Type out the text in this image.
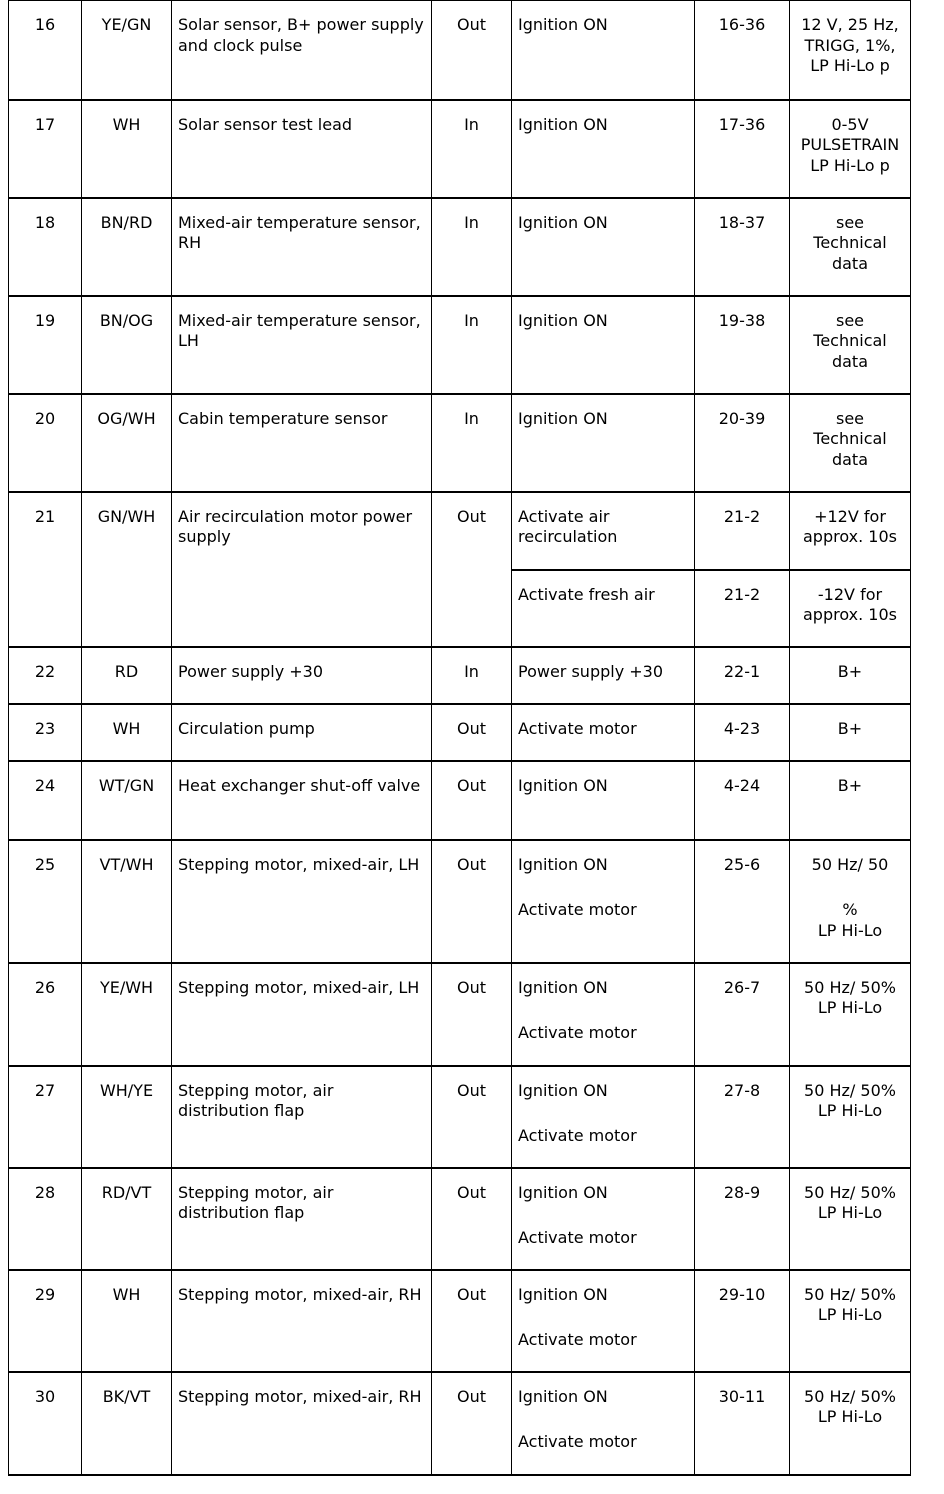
16	YE/GN	Solar sensor, B+ power supply and clock pulse	Out	Ignition ON	16-36	12 V, 25 Hz,
TRIGG, 1%,
LP Hi-Lo p

17	WH	Solar sensor test lead	In	Ignition ON	17-36	0-5V
PULSETRAIN
LP Hi-Lo p

18	BN/RD	Mixed-air temperature sensor, RH	In	Ignition ON	18-37	see
Technical
data

19	BN/OG	Mixed-air temperature sensor, LH	In	Ignition ON	19-38	see
Technical
data

20	OG/WH	Cabin temperature sensor	In	Ignition ON	20-39	see
Technical
data

21	GN/WH	Air recirculation motor power supply	Out	Activate air recirculation	21-2	+12V for
approx. 10s

				Activate fresh air	21-2	-12V for
approx. 10s

22	RD	Power supply +30	In	Power supply +30	22-1	B+

23	WH	Circulation pump	Out	Activate motor	4-23	B+

24	WT/GN	Heat exchanger shut-off valve	Out	Ignition ON	4-24	B+

25	VT/WH	Stepping motor, mixed-air, LH	Out	Ignition ON
Activate motor	25-6	50 Hz/ 50
%
LP Hi-Lo

26	YE/WH	Stepping motor, mixed-air, LH	Out	Ignition ON
Activate motor	26-7	50 Hz/ 50%
LP Hi-Lo

27	WH/YE	Stepping motor, air distribution flap	Out	Ignition ON
Activate motor	27-8	50 Hz/ 50%
LP Hi-Lo

28	RD/VT	Stepping motor, air distribution flap	Out	Ignition ON
Activate motor	28-9	50 Hz/ 50%
LP Hi-Lo

29	WH	Stepping motor, mixed-air, RH	Out	Ignition ON
Activate motor	29-10	50 Hz/ 50%
LP Hi-Lo

30	BK/VT	Stepping motor, mixed-air, RH	Out	Ignition ON
Activate motor	30-11	50 Hz/ 50%
LP Hi-Lo
